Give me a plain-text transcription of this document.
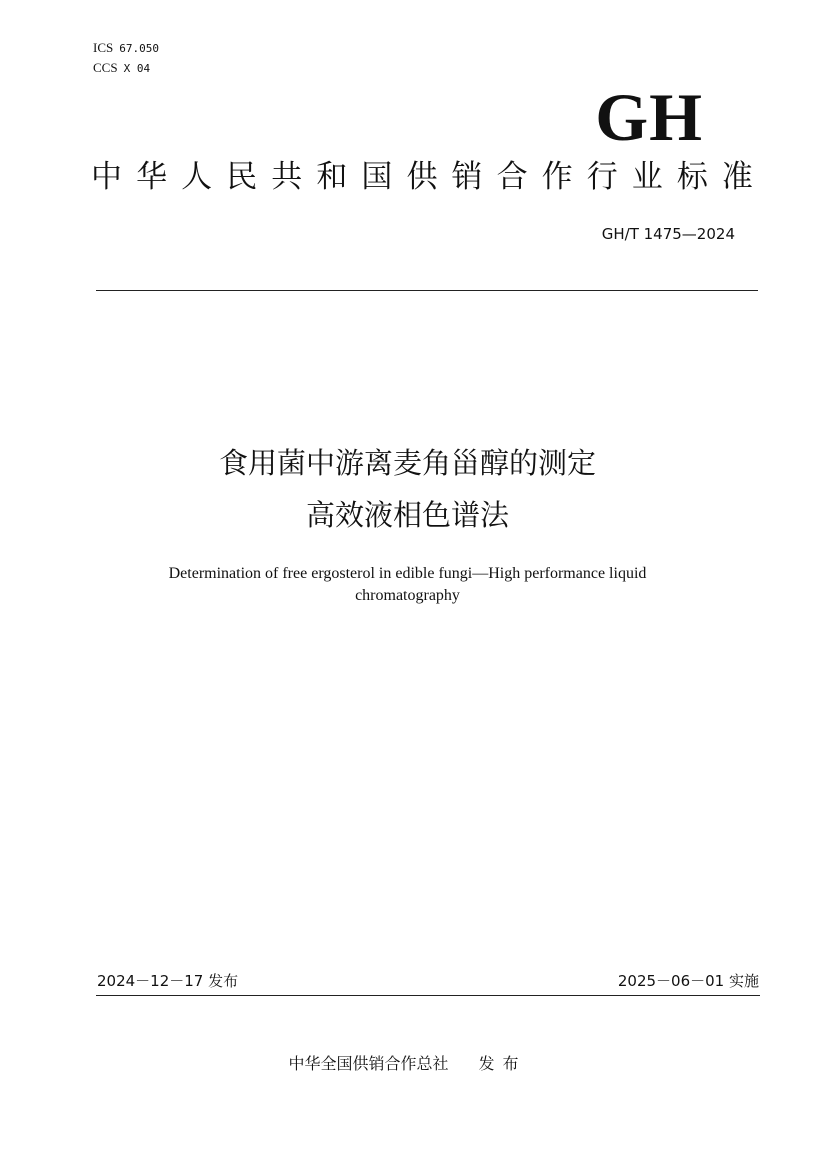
ICS 67.050
CCS X 04
GH
中 华 人 民 共 和 国 供 销 合 作 行 业 标 准
GH/T 1475—2024
食用菌中游离麦角甾醇的测定
高效液相色谱法
Determination of free ergosterol in edible fungi—High performance liquid
chromatography
2024－12－17 发布	2025－06－01 实施
中华全国供销合作总社 发布
